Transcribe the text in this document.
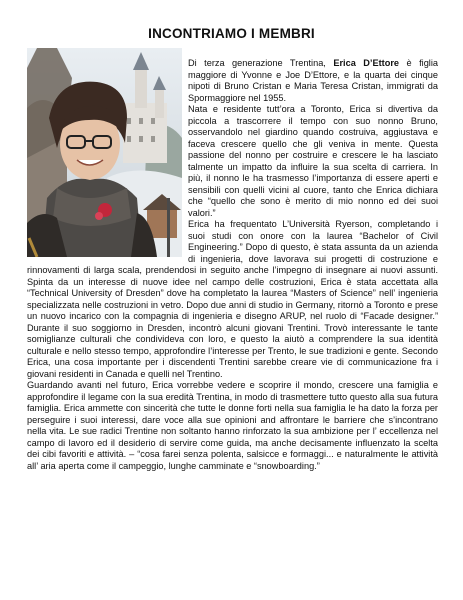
INCONTRIAMO I MEMBRI

Di terza generazione Trentina, Erica D’Ettore è figlia maggiore di Yvonne e Joe D’Ettore, e la quarta dei cinque nipoti di Bruno Cristan e Maria Teresa Cristan, immigrati da Spormaggiore nel 1955.

Nata e residente tutt’ora a Toronto, Erica si divertiva da piccola a trascorrere il tempo con suo nonno Bruno, osservandolo nel giardino quando costruiva, aggiustava e faceva crescere quello che gli veniva in mente. Questa passione del nonno per costruire e crescere le ha lasciato talmente un impatto da influire la sua scelta di carriera. In più, il nonno le ha trasmesso l’importanza di essere aperti e sensibili con quelli vicini al cuore, tanto che Enrica dichiara che “quello che sono è merito di mio nonno ed dei suoi valori.”

Erica ha frequentato L’Università Ryerson, completando i suoi studi con onore con la laurea “Bachelor of Civil Engineering.” Dopo di questo, è stata assunta da un azienda di ingenieria, dove lavorava sui progetti di costruzione e rinnovamenti di larga scala, prendendosi in seguito anche l’impegno di insegnare ai nuovi assunti. Spinta da un interesse di nuove idee nel campo delle costruzioni, Erica è stata accettata alla “Technical University of Dresden” dove ha completato la laurea “Masters of Science” nell’ ingenieria specializzata nelle costruzioni in vetro. Dopo due anni di studio in Germany, ritornò a Toronto e prese un nuovo incarico con la compagnia di ingenieria e disegno ARUP, nel ruolo di “Facade designer.” Durante il suo soggiorno in Dresden, incontrò alcuni giovani Trentini. Trovò interessante le tante somiglianze culturali che condivideva con loro, e questo la aiutò a comprendere la sua identità culturale e nello stesso tempo, approfondire l’interesse per Trento, le sue tradizioni e gente. Secondo Erica, una cosa importante per i discendenti Trentini sarebbe creare vie di communicazione fra i giovani residenti in Canada e quelli nel Trentino.

Guardando avanti nel futuro, Erica vorrebbe vedere e scoprire il mondo, crescere una famiglia e approfondire il legame con la sua eredità Trentina, in modo di trasmettere tutto questo alla sua futura famiglia. Erica ammette con sincerità che tutte le donne forti nella sua famiglia le ha dato la forza per perseguire i suoi interessi, dare voce alla sue opinioni and affrontare le barriere che s’incontrano nella vita. Le sue radici Trentine non soltanto hanno rinforzato la sua ambizione per l’ eccellenza nel campo di lavoro ed il desiderio di servire come guida, ma anche decisamente influenzato la scelta dei cibi favoriti e attività. – “cosa farei senza polenta, salsicce e formaggi... e naturalmente le attività all’ aria aperta come il campeggio, lunghe camminate e “snowboarding.”
